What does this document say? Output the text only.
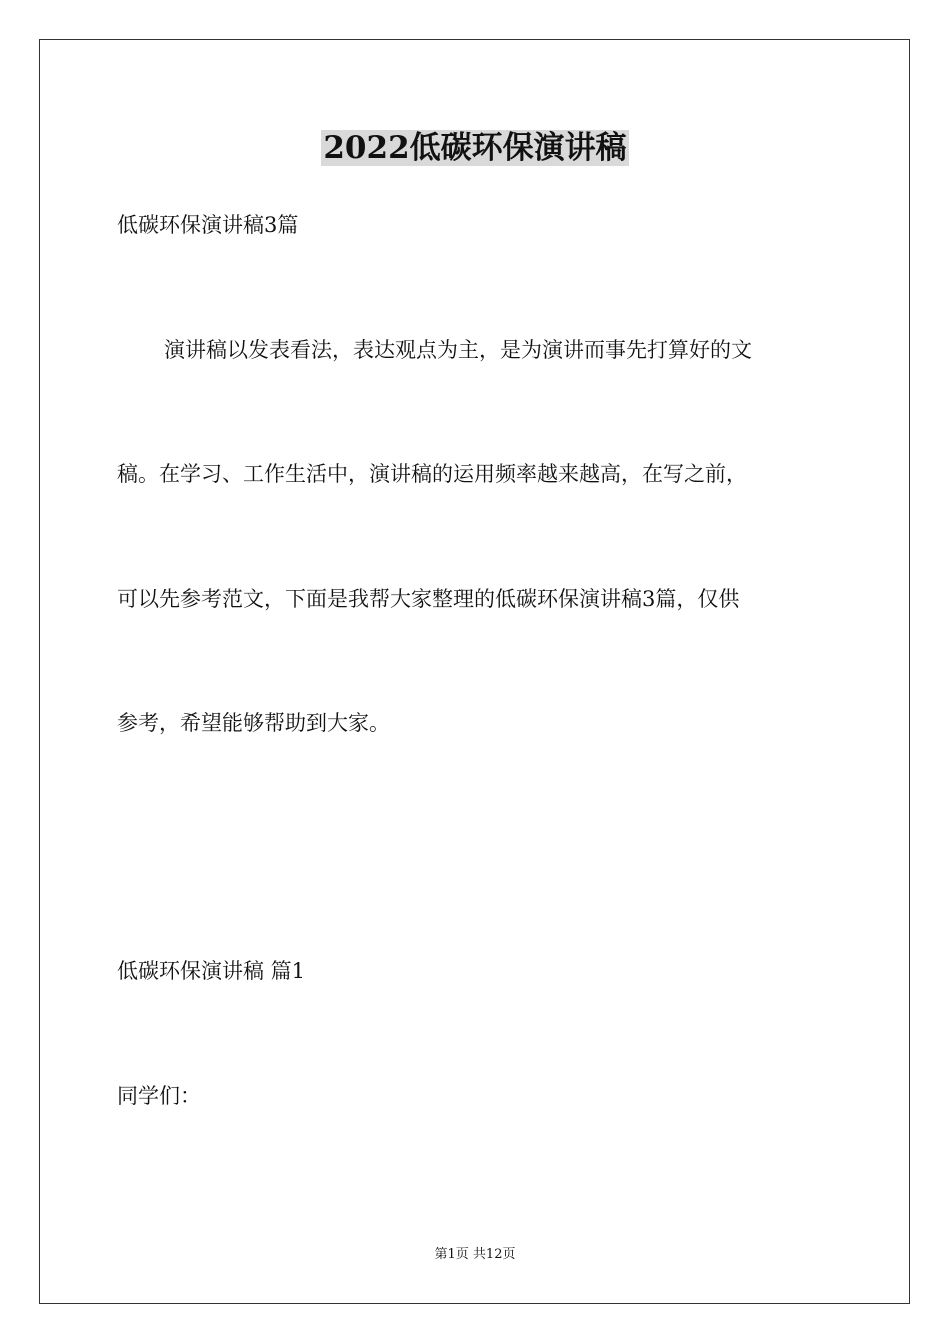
2022低碳环保演讲稿
低碳环保演讲稿3篇
演讲稿以发表看法，表达观点为主，是为演讲而事先打算好的文
稿。在学习、工作生活中，演讲稿的运用频率越来越高，在写之前，
可以先参考范文，下面是我帮大家整理的低碳环保演讲稿3篇，仅供
参考，希望能够帮助到大家。
低碳环保演讲稿 篇1
同学们：
第1页 共12页
